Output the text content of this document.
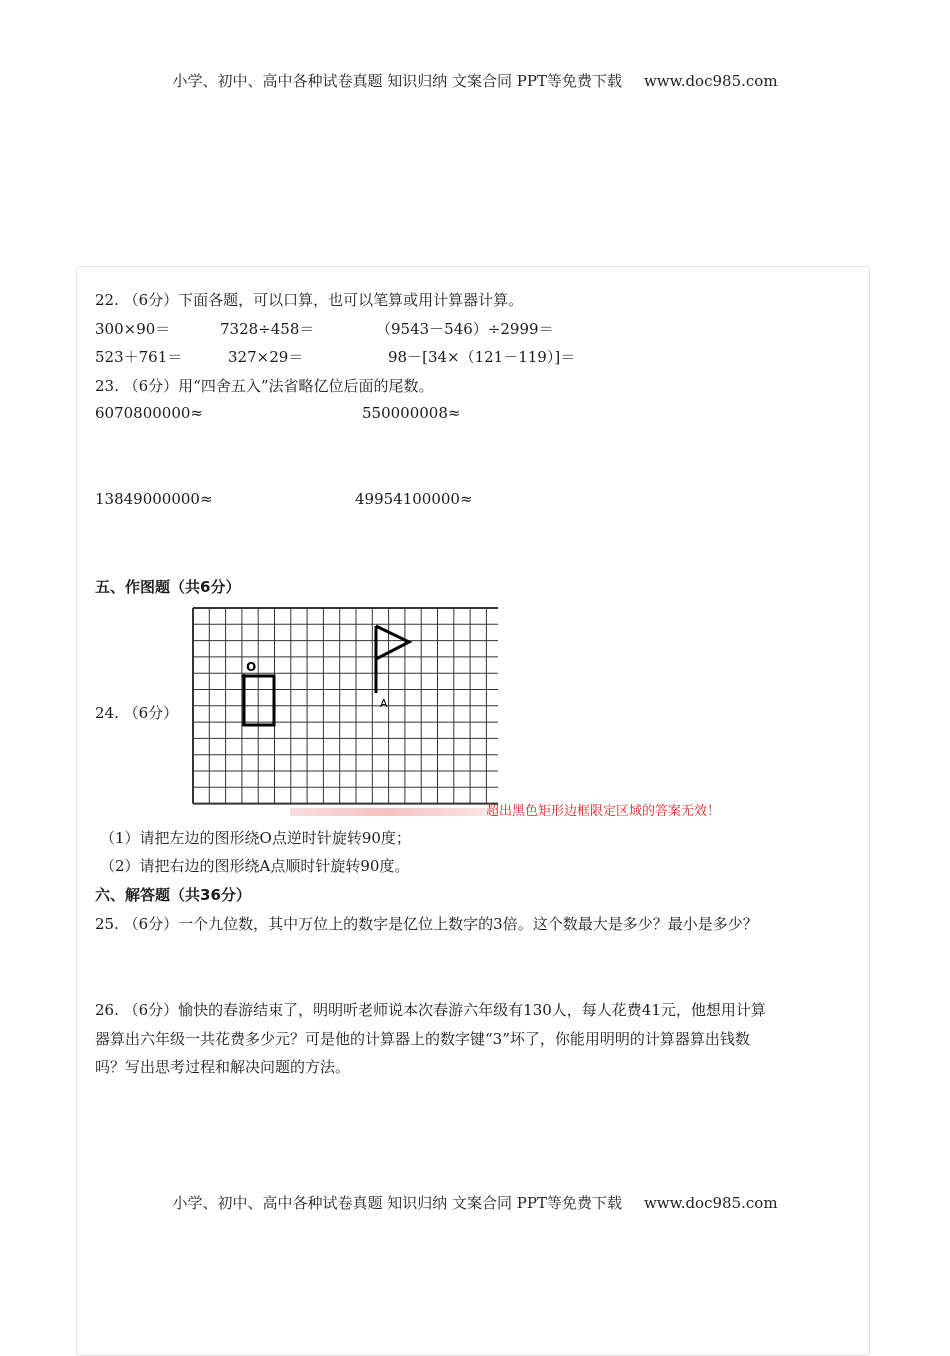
小学、初中、高中各种试卷真题 知识归纳 文案合同 PPT等免费下载 www.doc985.com
22. （6分）下面各题，可以口算，也可以笔算或用计算器计算。
300×90＝	7328÷458＝	（9543－546）÷2999＝
523＋761＝	327×29＝	98－[34×（121－119）]＝
23. （6分）用“四舍五入”法省略亿位后面的尾数。
6070800000≈	550000008≈
13849000000≈	49954100000≈
五、作图题（共6分）
24. （6分）
O
A
超出黑色矩形边框限定区域的答案无效！
（1）请把左边的图形绕O点逆时针旋转90度；
（2）请把右边的图形绕A点顺时针旋转90度。
六、解答题（共36分）
25. （6分）一个九位数，其中万位上的数字是亿位上数字的3倍。这个数最大是多少？最小是多少？
26. （6分）愉快的春游结束了，明明听老师说本次春游六年级有130人，每人花费41元，他想用计算
器算出六年级一共花费多少元？可是他的计算器上的数字键“3”坏了，你能用明明的计算器算出钱数
吗？写出思考过程和解决问题的方法。
小学、初中、高中各种试卷真题 知识归纳 文案合同 PPT等免费下载 www.doc985.com
